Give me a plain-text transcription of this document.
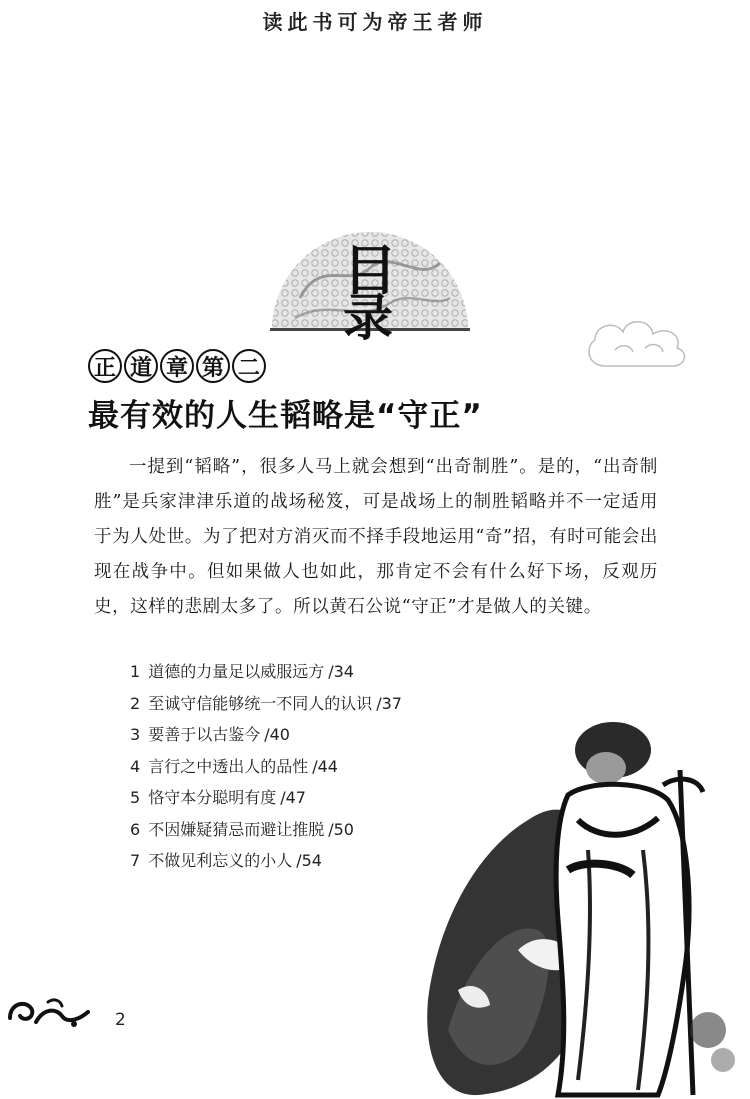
读此书可为帝王者师
目
录
正 道 章 第 二
最有效的人生韬略是“守正”

一提到“韬略”，很多人马上就会想到“出奇制胜”。是的，“出奇制胜”是兵家津津乐道的战场秘笈，可是战场上的制胜韬略并不一定适用于为人处世。为了把对方消灭而不择手段地运用“奇”招，有时可能会出现在战争中。但如果做人也如此，那肯定不会有什么好下场，反观历史，这样的悲剧太多了。所以黄石公说“守正”才是做人的关键。

1 道德的力量足以威服远方 /34
2 至诚守信能够统一不同人的认识 /37
3 要善于以古鉴今 /40
4 言行之中透出人的品性 /44
5 恪守本分聪明有度 /47
6 不因嫌疑猜忌而避让推脱 /50
7 不做见利忘义的小人 /54
2
